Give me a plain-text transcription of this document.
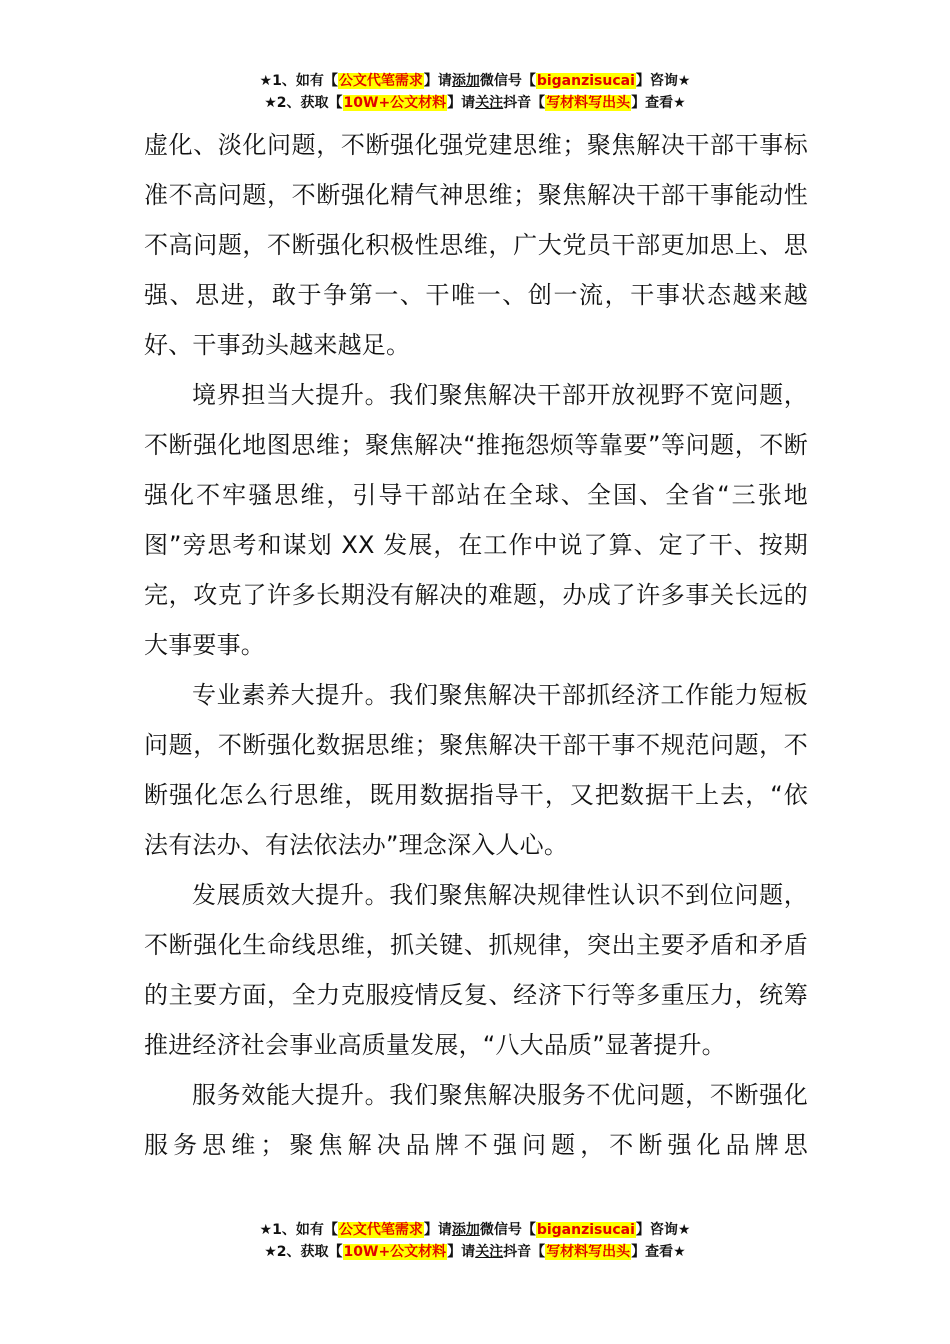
★1、如有【公文代笔需求】请添加微信号【biganzisucai】咨询★
★2、获取【10W+公文材料】请关注抖音【写材料写出头】查看★

虚化、淡化问题，不断强化强党建思维；聚焦解决干部干事标准不高问题，不断强化精气神思维；聚焦解决干部干事能动性不高问题，不断强化积极性思维，广大党员干部更加思上、思强、思进，敢于争第一、干唯一、创一流，干事状态越来越好、干事劲头越来越足。

境界担当大提升。我们聚焦解决干部开放视野不宽问题，不断强化地图思维；聚焦解决“推拖怨烦等靠要”等问题，不断强化不牢骚思维，引导干部站在全球、全国、全省“三张地图”旁思考和谋划 XX 发展，在工作中说了算、定了干、按期完，攻克了许多长期没有解决的难题，办成了许多事关长远的大事要事。

专业素养大提升。我们聚焦解决干部抓经济工作能力短板问题，不断强化数据思维；聚焦解决干部干事不规范问题，不断强化怎么行思维，既用数据指导干，又把数据干上去，“依法有法办、有法依法办”理念深入人心。

发展质效大提升。我们聚焦解决规律性认识不到位问题，不断强化生命线思维，抓关键、抓规律，突出主要矛盾和矛盾的主要方面，全力克服疫情反复、经济下行等多重压力，统筹推进经济社会事业高质量发展，“八大品质”显著提升。

服务效能大提升。我们聚焦解决服务不优问题，不断强化服务思维；聚焦解决品牌不强问题，不断强化品牌思

★1、如有【公文代笔需求】请添加微信号【biganzisucai】咨询★
★2、获取【10W+公文材料】请关注抖音【写材料写出头】查看★
